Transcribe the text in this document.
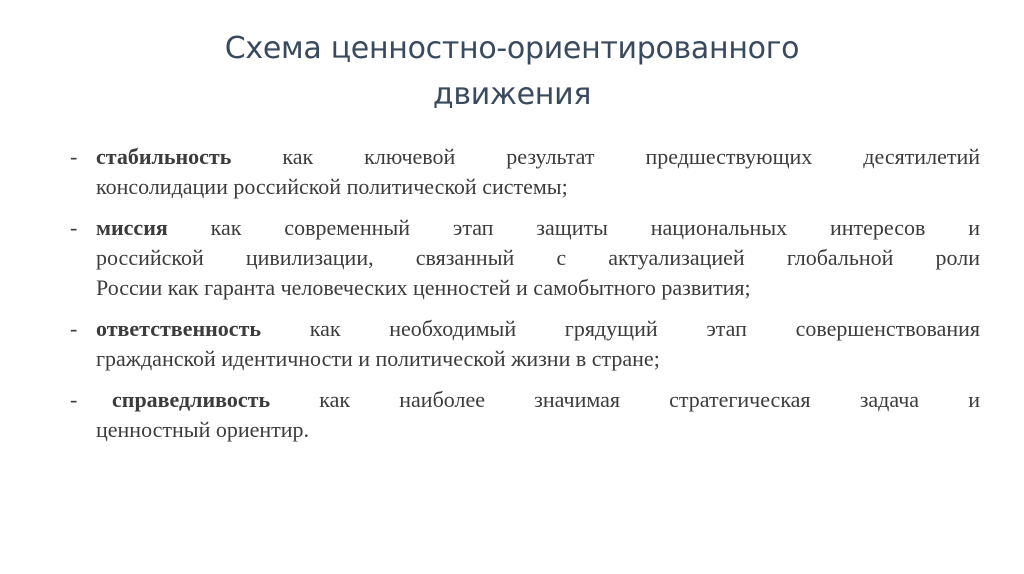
Схема ценностно-ориентированного
движения
- стабильность как ключевой результат предшествующих десятилетий
консолидации российской политической системы;
- миссия как современный этап защиты национальных интересов и
российской цивилизации, связанный с актуализацией глобальной роли
России как гаранта человеческих ценностей и самобытного развития;
- ответственность как необходимый грядущий этап совершенствования
гражданской идентичности и политической жизни в стране;
- справедливость как наиболее значимая стратегическая задача и
ценностный ориентир.
